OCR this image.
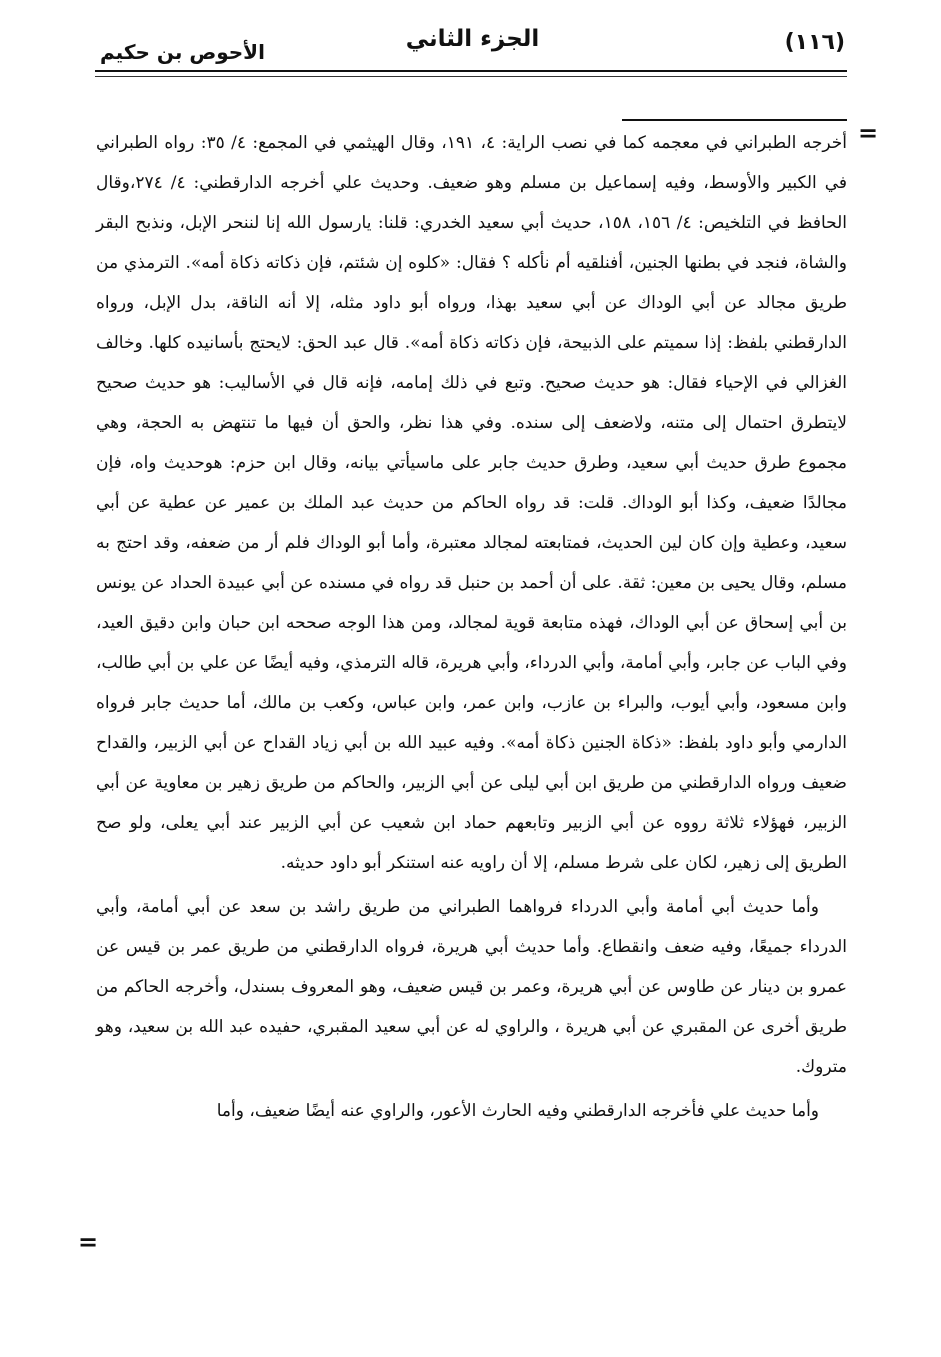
(١١٦)
الجزء الثاني
الأحوص بن حكيم
=

أخرجه الطبراني في معجمه كما في نصب الراية: ٤، ١٩١، وقال الهيثمي في المجمع: ٤/ ٣٥: رواه الطبراني في الكبير والأوسط، وفيه إسماعيل بن مسلم وهو ضعيف. وحديث علي أخرجه الدارقطني: ٤/ ٢٧٤،وقال الحافظ في التلخيص: ٤/ ١٥٦، ١٥٨، حديث أبي سعيد الخدري: قلنا: يارسول الله إنا لننحر الإبل، ونذبح البقر والشاة، فنجد في بطنها الجنين، أفنلقيه أم نأكله ؟ فقال: «كلوه إن شئتم، فإن ذكاته ذكاة أمه». الترمذي من طريق مجالد عن أبي الوداك عن أبي سعيد بهذا، ورواه أبو داود مثله، إلا أنه الناقة، بدل الإبل، ورواه الدارقطني بلفظ: إذا سميتم على الذبيحة، فإن ذكاته ذكاة أمه». قال عبد الحق: لايحتج بأسانيده كلها. وخالف الغزالي في الإحياء فقال: هو حديث صحيح. وتبع في ذلك إمامه، فإنه قال في الأساليب: هو حديث صحيح لايتطرق احتمال إلى متنه، ولاضعف إلى سنده. وفي هذا نظر، والحق أن فيها ما تنتهض به الحجة، وهي مجموع طرق حديث أبي سعيد، وطرق حديث جابر على ماسيأتي بيانه، وقال ابن حزم: هوحديث واه، فإن مجالدًا ضعيف، وكذا أبو الوداك. قلت: قد رواه الحاكم من حديث عبد الملك بن عمير عن عطية عن أبي سعيد، وعطية وإن كان لين الحديث، فمتابعته لمجالد معتبرة، وأما أبو الوداك فلم أر من ضعفه، وقد احتج به مسلم، وقال يحيى بن معين: ثقة. على أن أحمد بن حنبل قد رواه في مسنده عن أبي عبيدة الحداد عن يونس بن أبي إسحاق عن أبي الوداك، فهذه متابعة قوية لمجالد، ومن هذا الوجه صححه ابن حبان وابن دقيق العيد، وفي الباب عن جابر، وأبي أمامة، وأبي الدرداء، وأبي هريرة، قاله الترمذي، وفيه أيضًا عن علي بن أبي طالب، وابن مسعود، وأبي أيوب، والبراء بن عازب، وابن عمر، وابن عباس، وكعب بن مالك، أما حديث جابر فرواه الدارمي وأبو داود بلفظ: «ذكاة الجنين ذكاة أمه». وفيه عبيد الله بن أبي زياد القداح عن أبي الزبير، والقداح ضعيف ورواه الدارقطني من طريق ابن أبي ليلى عن أبي الزبير، والحاكم من طريق زهير بن معاوية عن أبي الزبير، فهؤلاء ثلاثة رووه عن أبي الزبير وتابعهم حماد ابن شعيب عن أبي الزبير عند أبي يعلى، ولو صح الطريق إلى زهير، لكان على شرط مسلم، إلا أن راويه عنه استنكر أبو داود حديثه.

وأما حديث أبي أمامة وأبي الدرداء فرواهما الطبراني من طريق راشد بن سعد عن أبي أمامة، وأبي الدرداء جميعًا، وفيه ضعف وانقطاع. وأما حديث أبي هريرة، فرواه الدارقطني من طريق عمر بن قيس عن عمرو بن دينار عن طاوس عن أبي هريرة، وعمر بن قيس ضعيف، وهو المعروف بسندل، وأخرجه الحاكم من طريق أخرى عن المقبري عن أبي هريرة ، والراوي له عن أبي سعيد المقبري، حفيده عبد الله بن سعيد، وهو متروك.

وأما حديث علي فأخرجه الدارقطني وفيه الحارث الأعور، والراوي عنه أيضًا ضعيف، وأما

=
